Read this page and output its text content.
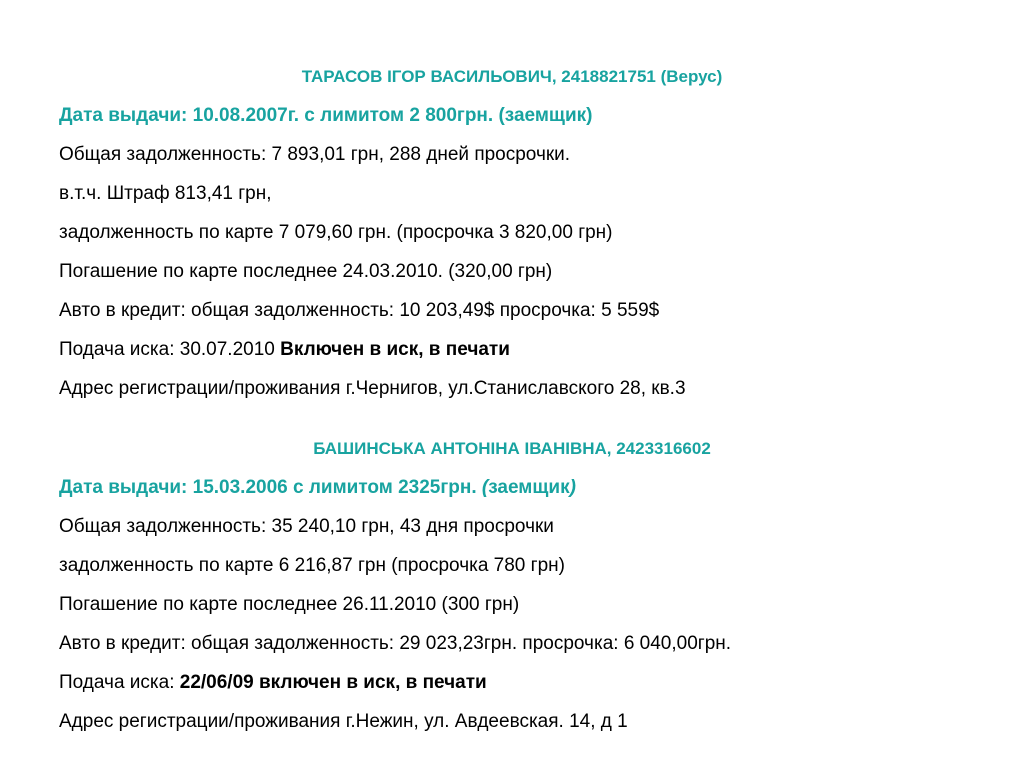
ТАРАСОВ ІГОР ВАСИЛЬОВИЧ, 2418821751 (Верус)
Дата выдачи: 10.08.2007г. с лимитом 2 800грн. (заемщик)
Общая задолженность: 7 893,01 грн, 288 дней просрочки.
в.т.ч. Штраф 813,41 грн,
задолженность по карте 7 079,60 грн. (просрочка 3 820,00 грн)
Погашение по карте последнее 24.03.2010. (320,00 грн)
Авто в кредит: общая задолженность: 10 203,49$ просрочка: 5 559$
Подача иска: 30.07.2010 Включен в иск, в печати
Адрес регистрации/проживания г.Чернигов, ул.Станиславского 28, кв.3
БАШИНСЬКА АНТОНІНА ІВАНІВНА, 2423316602
Дата выдачи: 15.03.2006 с лимитом 2325грн. (заемщик)
Общая задолженность: 35 240,10 грн, 43 дня просрочки
задолженность по карте 6 216,87 грн (просрочка 780 грн)
Погашение по карте последнее 26.11.2010 (300 грн)
Авто в кредит: общая задолженность: 29 023,23грн. просрочка: 6 040,00грн.
Подача иска: 22/06/09 включен в иск, в печати
Адрес регистрации/проживания г.Нежин, ул. Авдеевская. 14, д 1
